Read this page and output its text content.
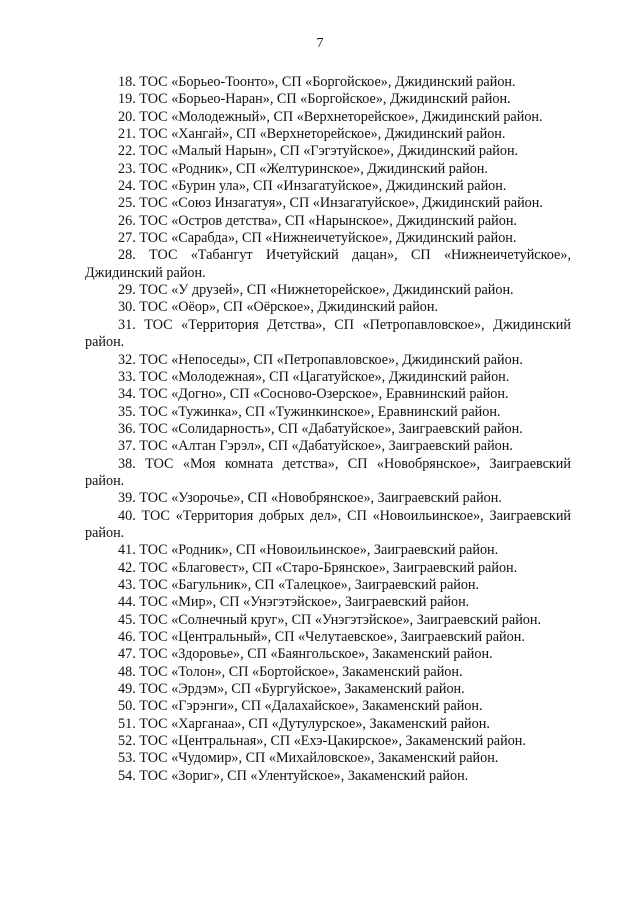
7

18. ТОС «Борьео-Тоонто», СП «Боргойское», Джидинский район.

19. ТОС «Борьео-Наран», СП «Боргойское», Джидинский район.

20. ТОС «Молодежный», СП «Верхнеторейское», Джидинский район.

21. ТОС «Хангай», СП «Верхнеторейское», Джидинский район.

22. ТОС «Малый Нарын», СП «Гэгэтуйское», Джидинский район.

23. ТОС «Родник», СП «Желтуринское», Джидинский район.

24. ТОС «Бурин ула», СП «Инзагатуйское», Джидинский район.

25. ТОС «Союз Инзагатуя», СП «Инзагатуйское», Джидинский район.

26. ТОС «Остров детства», СП «Нарынское», Джидинский район.

27. ТОС «Сарабда», СП «Нижнеичетуйское», Джидинский район.

28. ТОС «Табангут Ичетуйский дацан», СП «Нижнеичетуйское», Джидинский район.

29. ТОС «У друзей», СП «Нижнеторейское», Джидинский район.

30. ТОС «Оёор», СП «Оёрское», Джидинский район.

31. ТОС «Территория Детства», СП «Петропавловское», Джидинский район.

32. ТОС «Непоседы», СП «Петропавловское», Джидинский район.

33. ТОС «Молодежная», СП «Цагатуйское», Джидинский район.

34. ТОС «Догно», СП «Сосново-Озерское», Еравнинский район.

35. ТОС «Тужинка», СП «Тужинкинское», Еравнинский район.

36. ТОС «Солидарность», СП «Дабатуйское», Заиграевский район.

37. ТОС «Алтан Гэрэл», СП «Дабатуйское», Заиграевский район.

38. ТОС «Моя комната детства», СП «Новобрянское», Заиграевский район.

39. ТОС «Узорочье», СП «Новобрянское», Заиграевский район.

40. ТОС «Территория добрых дел», СП «Новоильинское», Заиграевский район.

41. ТОС «Родник», СП «Новоильинское», Заиграевский район.

42. ТОС «Благовест», СП «Старо-Брянское», Заиграевский район.

43. ТОС «Багульник», СП «Талецкое», Заиграевский район.

44. ТОС «Мир», СП «Унэгэтэйское», Заиграевский район.

45. ТОС «Солнечный круг», СП «Унэгэтэйское», Заиграевский район.

46. ТОС «Центральный», СП «Челутаевское», Заиграевский район.

47. ТОС «Здоровье», СП «Баянгольское», Закаменский район.

48. ТОС «Толон», СП «Бортойское», Закаменский район.

49. ТОС «Эрдэм», СП «Бургуйское», Закаменский район.

50. ТОС «Гэрэнги», СП «Далахайское», Закаменский район.

51. ТОС «Харганаа», СП «Дутулурское», Закаменский район.

52. ТОС «Центральная», СП «Ехэ-Цакирское», Закаменский район.

53. ТОС «Чудомир», СП «Михайловское», Закаменский район.

54. ТОС «Зориг», СП «Улентуйское», Закаменский район.
